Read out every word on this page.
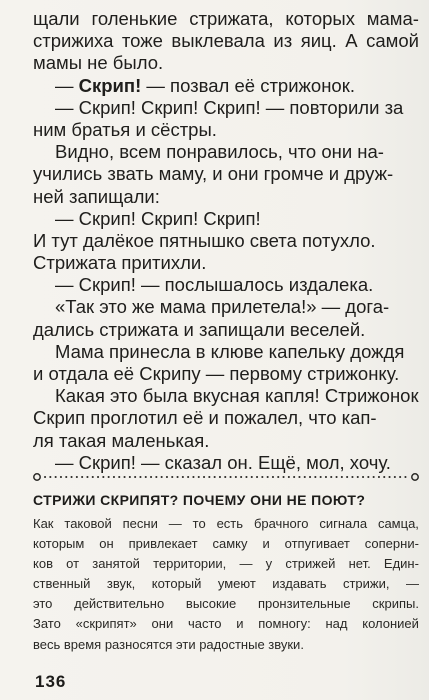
щали голенькие стрижата, которых мама-
стрижиха тоже выклевала из яиц. А самой
мамы не было.
— Скрип! — позвал её стрижонок.
— Скрип! Скрип! Скрип! — повторили за
ним братья и сёстры.
Видно, всем понравилось, что они на-
учились звать маму, и они громче и друж-
ней запищали:
— Скрип! Скрип! Скрип!
И тут далёкое пятнышко света потухло.
Стрижата притихли.
— Скрип! — послышалось издалека.
«Так это же мама прилетела!» — дога-
дались стрижата и запищали веселей.
Мама принесла в клюве капельку дождя
и отдала её Скрипу — первому стрижонку.
Какая это была вкусная капля! Стрижонок
Скрип проглотил её и пожалел, что кап-
ля такая маленькая.
— Скрип! — сказал он. Ещё, мол, хочу.
СТРИЖИ СКРИПЯТ? ПОЧЕМУ ОНИ НЕ ПОЮТ?
Как таковой песни — то есть брачного сигнала самца,
которым он привлекает самку и отпугивает соперни-
ков от занятой территории, — у стрижей нет. Един-
ственный звук, который умеют издавать стрижи, —
это действительно высокие пронзительные скрипы.
Зато «скрипят» они часто и помногу: над колонией
весь время разносятся эти радостные звуки.
136
